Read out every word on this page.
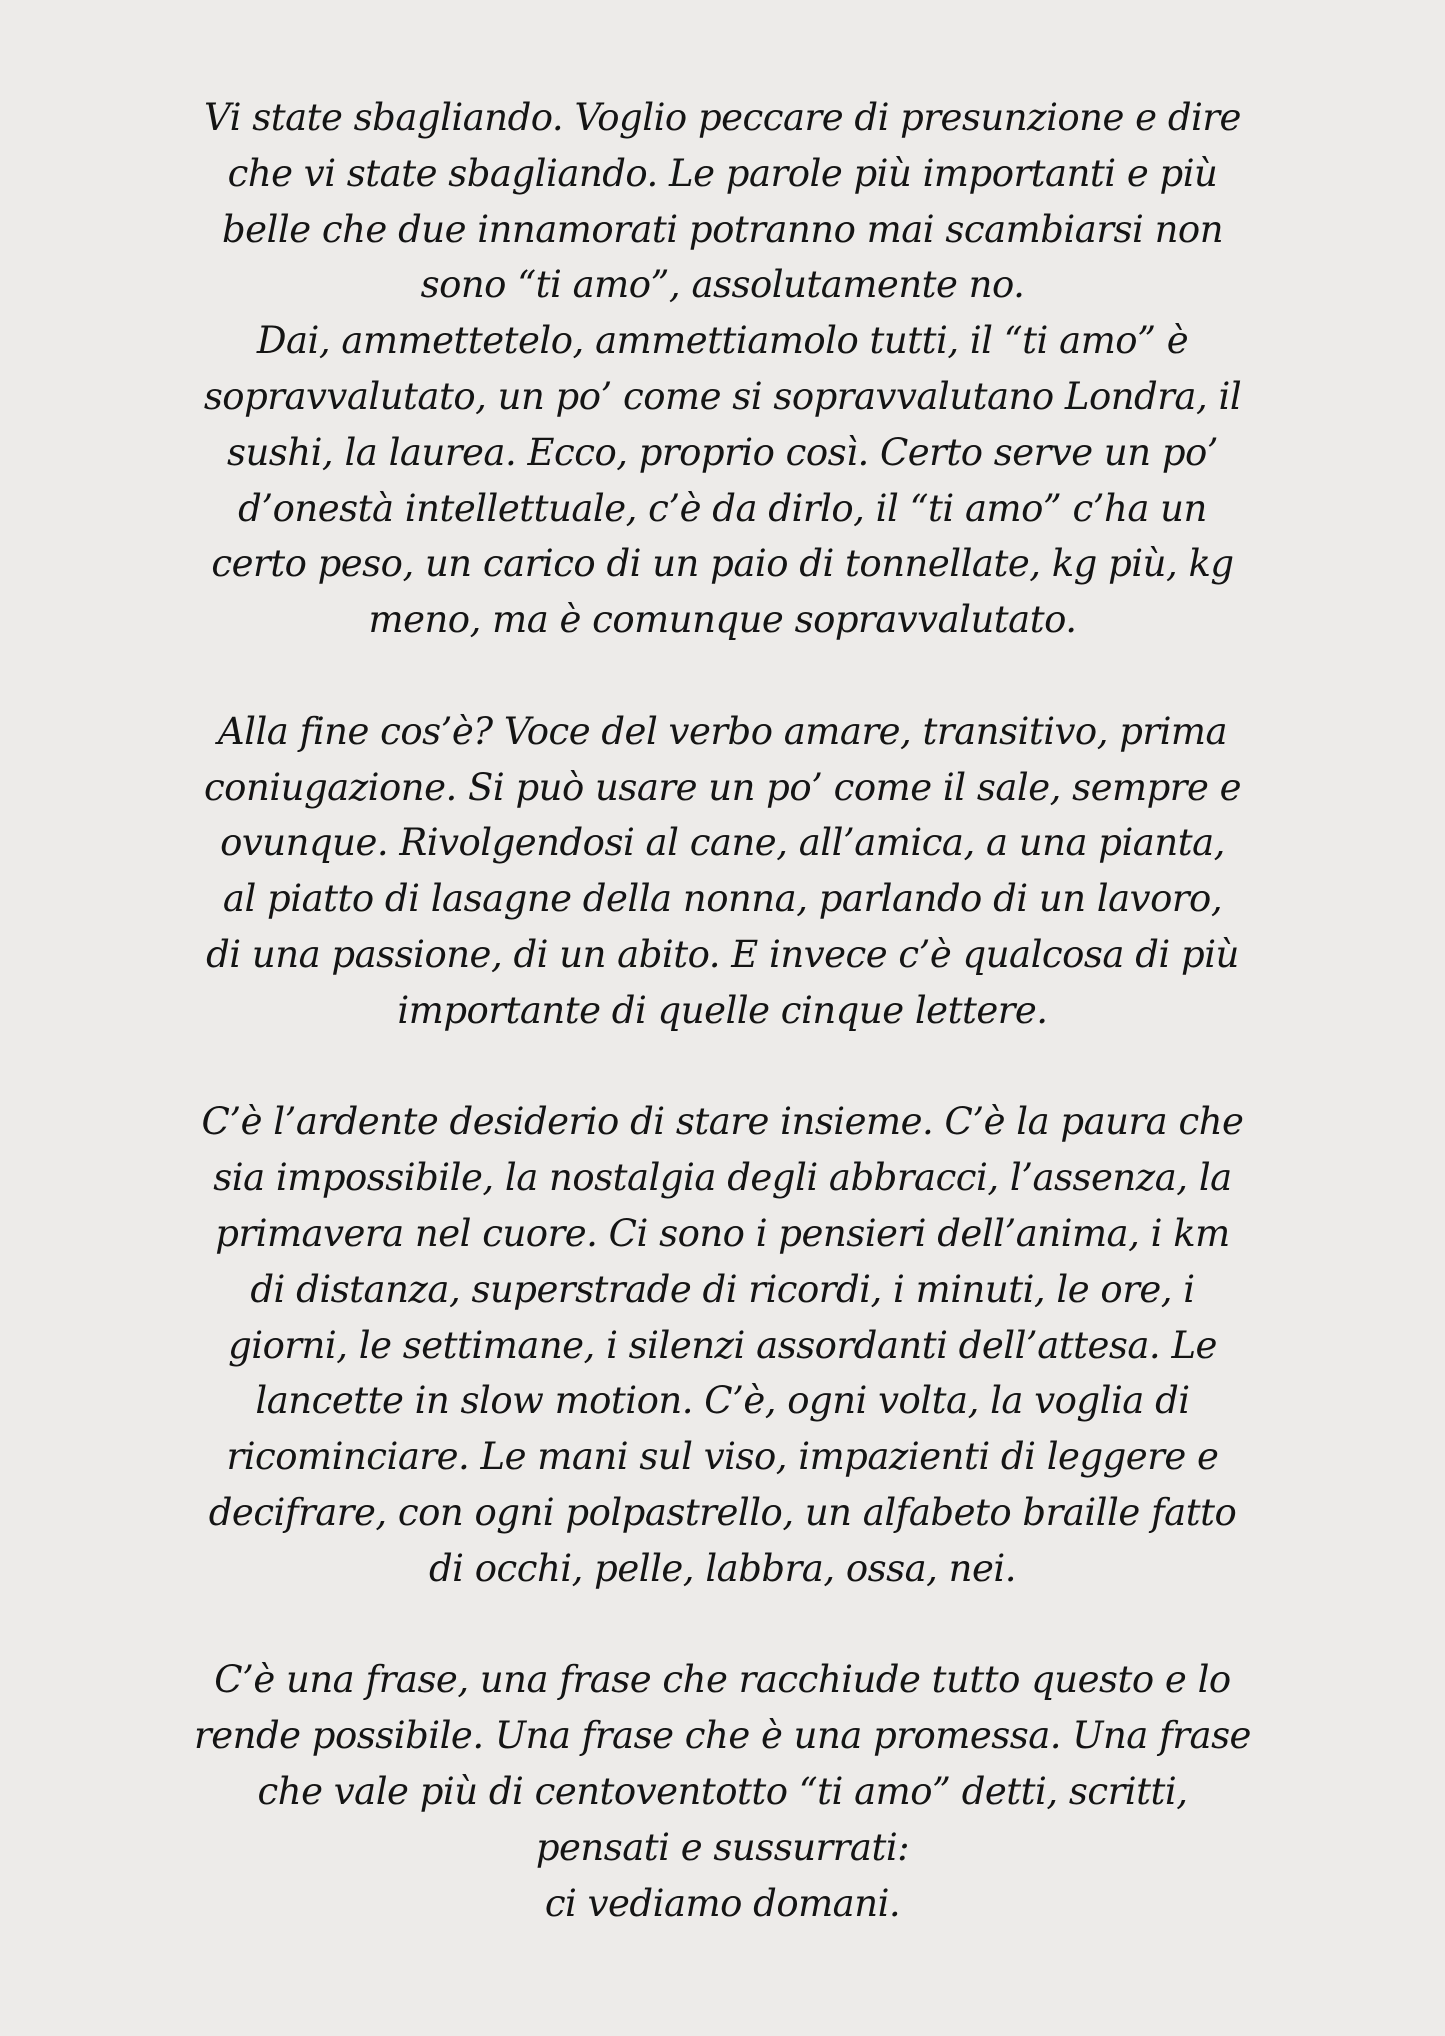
Vi state sbagliando. Voglio peccare di presunzione e dire
che vi state sbagliando. Le parole più importanti e più
belle che due innamorati potranno mai scambiarsi non
sono “ti amo”, assolutamente no.
Dai, ammettetelo, ammettiamolo tutti, il “ti amo” è
sopravvalutato, un po’ come si sopravvalutano Londra, il
sushi, la laurea. Ecco, proprio così. Certo serve un po’
d’onestà intellettuale, c’è da dirlo, il “ti amo” c’ha un
certo peso, un carico di un paio di tonnellate, kg più, kg
meno, ma è comunque sopravvalutato.

Alla fine cos’è? Voce del verbo amare, transitivo, prima
coniugazione. Si può usare un po’ come il sale, sempre e
ovunque. Rivolgendosi al cane, all’amica, a una pianta,
al piatto di lasagne della nonna, parlando di un lavoro,
di una passione, di un abito. E invece c’è qualcosa di più
importante di quelle cinque lettere.

C’è l’ardente desiderio di stare insieme. C’è la paura che
sia impossibile, la nostalgia degli abbracci, l’assenza, la
primavera nel cuore. Ci sono i pensieri dell’anima, i km
di distanza, superstrade di ricordi, i minuti, le ore, i
giorni, le settimane, i silenzi assordanti dell’attesa. Le
lancette in slow motion. C’è, ogni volta, la voglia di
ricominciare. Le mani sul viso, impazienti di leggere e
decifrare, con ogni polpastrello, un alfabeto braille fatto
di occhi, pelle, labbra, ossa, nei.

C’è una frase, una frase che racchiude tutto questo e lo
rende possibile. Una frase che è una promessa. Una frase
che vale più di centoventotto “ti amo” detti, scritti,
pensati e sussurrati:
ci vediamo domani.
